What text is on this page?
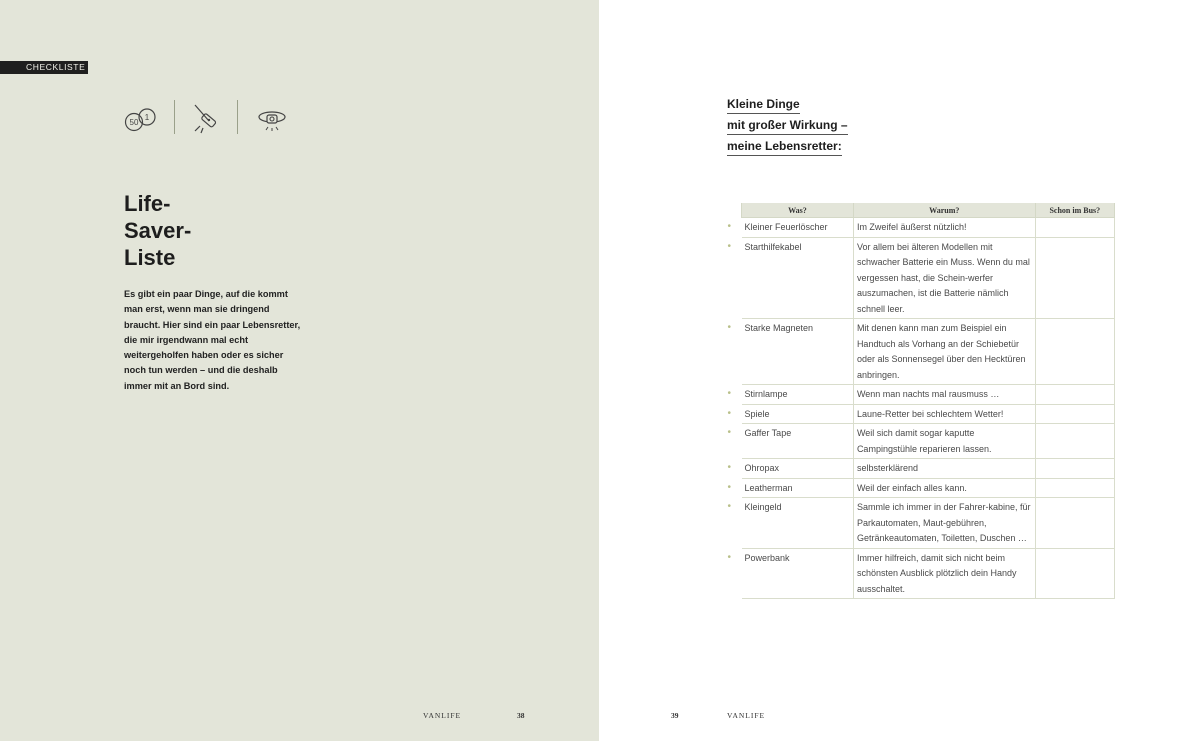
CHECKLISTE
50
1
Life-
Saver-
Liste
Es gibt ein paar Dinge, auf die kommt man erst, wenn man sie dringend braucht. Hier sind ein paar Lebensretter, die mir irgendwann mal echt weitergeholfen haben oder es sicher noch tun werden – und die deshalb immer mit an Bord sind.
VANLIFE	38
Kleine Dinge
mit großer Wirkung –
meine Lebensretter:
Was?	Warum?	Schon im Bus?
• Kleiner Feuerlöscher	Im Zweifel äußerst nützlich!	
• Starthilfekabel	Vor allem bei älteren Modellen mit schwacher Batterie ein Muss. Wenn du mal vergessen hast, die Schein-werfer auszumachen, ist die Batterie nämlich schnell leer.	
• Starke Magneten	Mit denen kann man zum Beispiel ein Handtuch als Vorhang an der Schiebetür oder als Sonnensegel über den Hecktüren anbringen.	
• Stirnlampe	Wenn man nachts mal rausmuss …	
• Spiele	Laune-Retter bei schlechtem Wetter!	
• Gaffer Tape	Weil sich damit sogar kaputte Campingstühle reparieren lassen.	
• Ohropax	selbsterklärend	
• Leatherman	Weil der einfach alles kann.	
• Kleingeld	Sammle ich immer in der Fahrer-kabine, für Parkautomaten, Maut-gebühren, Getränkeautomaten, Toiletten, Duschen …	
• Powerbank	Immer hilfreich, damit sich nicht beim schönsten Ausblick plötzlich dein Handy ausschaltet.	
39	VANLIFE
